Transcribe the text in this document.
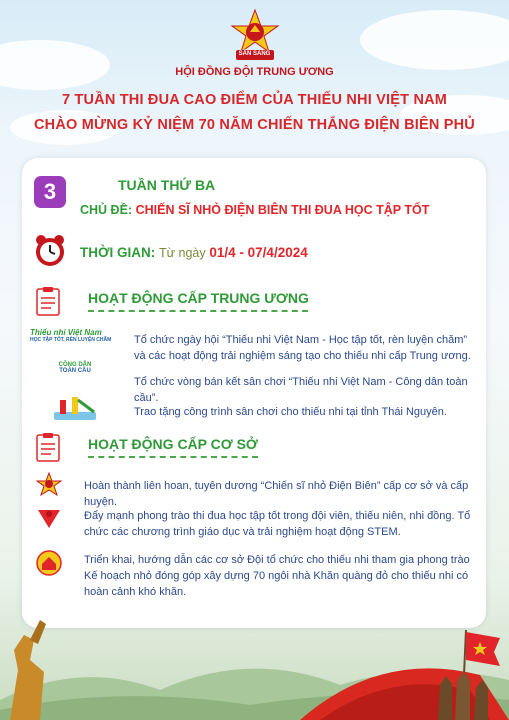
SẴN SÀNG
HỘI ĐỒNG ĐỘI TRUNG ƯƠNG
7 TUẦN THI ĐUA CAO ĐIỂM CỦA THIẾU NHI VIỆT NAM
CHÀO MỪNG KỶ NIỆM 70 NĂM CHIẾN THẮNG ĐIỆN BIÊN PHỦ
3	TUẦN THỨ BA
CHỦ ĐỀ: CHIẾN SĨ NHỎ ĐIỆN BIÊN THI ĐUA HỌC TẬP TỐT
THỜI GIAN: Từ ngày 01/4 - 07/4/2024
HOẠT ĐỘNG CẤP TRUNG ƯƠNG
Thiếu nhi Việt Nam
HỌC TẬP TỐT, RÈN LUYỆN CHĂM
CÔNG DÂN
TOÀN CẦU
Tổ chức ngày hội “Thiếu nhi Việt Nam - Học tập tốt, rèn luyện chăm” và các hoạt động trải nghiệm sáng tạo cho thiếu nhi cấp Trung ương.
Tổ chức vòng bán kết sân chơi “Thiếu nhi Việt Nam - Công dân toàn cầu”.
Trao tặng công trình sân chơi cho thiếu nhi tại tỉnh Thái Nguyên.
HOẠT ĐỘNG CẤP CƠ SỞ
Hoàn thành liên hoan, tuyên dương “Chiến sĩ nhỏ Điện Biên” cấp cơ sở và cấp huyện.
Đẩy mạnh phong trào thi đua học tập tốt trong đội viên, thiếu niên, nhi đồng. Tổ chức các chương trình giáo dục và trải nghiệm hoạt động STEM.
Triển khai, hướng dẫn các cơ sở Đội tổ chức cho thiếu nhi tham gia phong trào Kế hoạch nhỏ đóng góp xây dựng 70 ngôi nhà Khăn quàng đỏ cho thiếu nhi có hoàn cảnh khó khăn.
